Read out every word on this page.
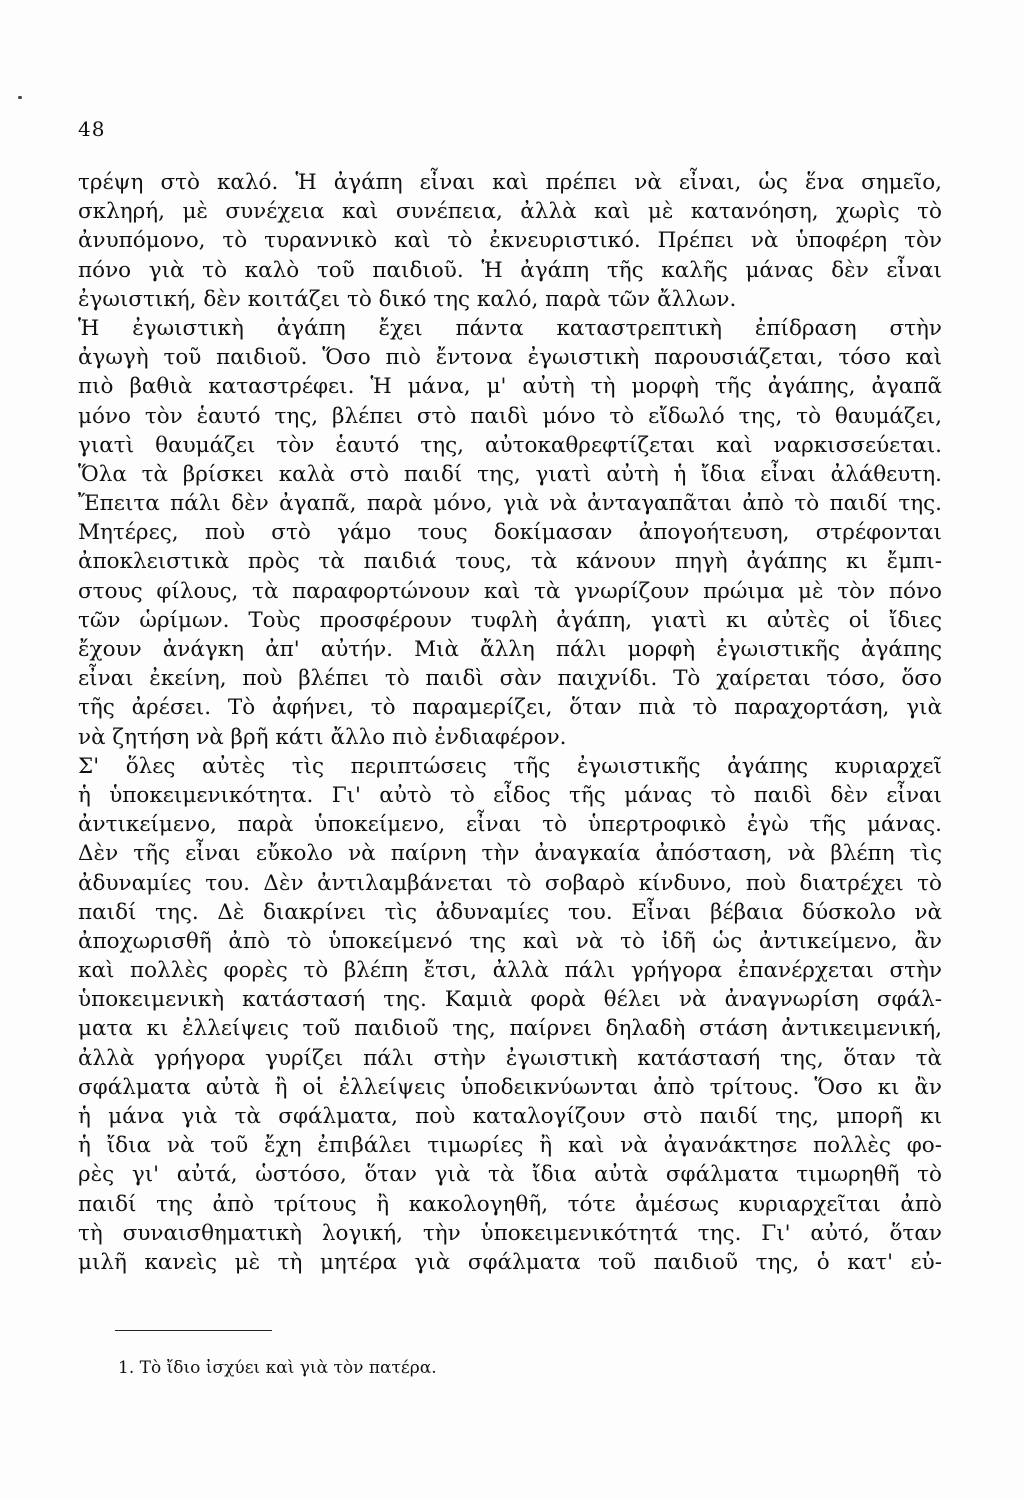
48
τρέψη στὸ καλό. Ἡ ἀγάπη εἶναι καὶ πρέπει νὰ εἶναι, ὡς ἕνα σημεῖο,
σκληρή, μὲ συνέχεια καὶ συνέπεια, ἀλλὰ καὶ μὲ κατανόηση, χωρὶς τὸ
ἀνυπόμονο, τὸ τυραννικὸ καὶ τὸ ἐκνευριστικό. Πρέπει νὰ ὑποφέρη τὸν
πόνο γιὰ τὸ καλὸ τοῦ παιδιοῦ. Ἡ ἀγάπη τῆς καλῆς μάνας δὲν εἶναι
ἐγωιστική, δὲν κοιτάζει τὸ δικό της καλό, παρὰ τῶν ἄλλων.
Ἡ ἐγωιστικὴ ἀγάπη ἔχει πάντα καταστρεπτικὴ ἐπίδραση στὴν
ἀγωγὴ τοῦ παιδιοῦ. Ὅσο πιὸ ἔντονα ἐγωιστικὴ παρουσιάζεται, τόσο καὶ
πιὸ βαθιὰ καταστρέφει. Ἡ μάνα, μ' αὐτὴ τὴ μορφὴ τῆς ἀγάπης, ἀγαπᾶ
μόνο τὸν ἑαυτό της, βλέπει στὸ παιδὶ μόνο τὸ εἴδωλό της, τὸ θαυμάζει,
γιατὶ θαυμάζει τὸν ἑαυτό της, αὐτοκαθρεφτίζεται καὶ ναρκισσεύεται.
Ὅλα τὰ βρίσκει καλὰ στὸ παιδί της, γιατὶ αὐτὴ ἡ ἴδια εἶναι ἀλάθευτη.
Ἔπειτα πάλι δὲν ἀγαπᾶ, παρὰ μόνο, γιὰ νὰ ἀνταγαπᾶται ἀπὸ τὸ παιδί της.
Μητέρες, ποὺ στὸ γάμο τους δοκίμασαν ἀπογοήτευση, στρέφονται
ἀποκλειστικὰ πρὸς τὰ παιδιά τους, τὰ κάνουν πηγὴ ἀγάπης κι ἔμπι-
στους φίλους, τὰ παραφορτώνουν καὶ τὰ γνωρίζουν πρώιμα μὲ τὸν πόνο
τῶν ὡρίμων. Τοὺς προσφέρουν τυφλὴ ἀγάπη, γιατὶ κι αὐτὲς οἱ ἴδιες
ἔχουν ἀνάγκη ἀπ' αὐτήν. Μιὰ ἄλλη πάλι μορφὴ ἐγωιστικῆς ἀγάπης
εἶναι ἐκείνη, ποὺ βλέπει τὸ παιδὶ σὰν παιχνίδι. Τὸ χαίρεται τόσο, ὅσο
τῆς ἀρέσει. Τὸ ἀφήνει, τὸ παραμερίζει, ὅταν πιὰ τὸ παραχορτάση, γιὰ
νὰ ζητήση νὰ βρῆ κάτι ἄλλο πιὸ ἐνδιαφέρον.
Σ' ὅλες αὐτὲς τὶς περιπτώσεις τῆς ἐγωιστικῆς ἀγάπης κυριαρχεῖ
ἡ ὑποκειμενικότητα. Γι' αὐτὸ τὸ εἶδος τῆς μάνας τὸ παιδὶ δὲν εἶναι
ἀντικείμενο, παρὰ ὑποκείμενο, εἶναι τὸ ὑπερτροφικὸ ἐγὼ τῆς μάνας.
Δὲν τῆς εἶναι εὔκολο νὰ παίρνη τὴν ἀναγκαία ἀπόσταση, νὰ βλέπη τὶς
ἀδυναμίες του. Δὲν ἀντιλαμβάνεται τὸ σοβαρὸ κίνδυνο, ποὺ διατρέχει τὸ
παιδί της. Δὲ διακρίνει τὶς ἀδυναμίες του. Εἶναι βέβαια δύσκολο νὰ
ἀποχωρισθῆ ἀπὸ τὸ ὑποκείμενό της καὶ νὰ τὸ ἰδῆ ὡς ἀντικείμενο, ἂν
καὶ πολλὲς φορὲς τὸ βλέπη ἔτσι, ἀλλὰ πάλι γρήγορα ἐπανέρχεται στὴν
ὑποκειμενικὴ κατάστασή της. Καμιὰ φορὰ θέλει νὰ ἀναγνωρίση σφάλ-
ματα κι ἐλλείψεις τοῦ παιδιοῦ της, παίρνει δηλαδὴ στάση ἀντικειμενική,
ἀλλὰ γρήγορα γυρίζει πάλι στὴν ἐγωιστικὴ κατάστασή της, ὅταν τὰ
σφάλματα αὐτὰ ἢ οἱ ἐλλείψεις ὑποδεικνύωνται ἀπὸ τρίτους. Ὅσο κι ἂν
ἡ μάνα γιὰ τὰ σφάλματα, ποὺ καταλογίζουν στὸ παιδί της, μπορῆ κι
ἡ ἴδια νὰ τοῦ ἔχη ἐπιβάλει τιμωρίες ἢ καὶ νὰ ἀγανάκτησε πολλὲς φο-
ρὲς γι' αὐτά, ὡστόσο, ὅταν γιὰ τὰ ἴδια αὐτὰ σφάλματα τιμωρηθῆ τὸ
παιδί της ἀπὸ τρίτους ἢ κακολογηθῆ, τότε ἀμέσως κυριαρχεῖται ἀπὸ
τὴ συναισθηματικὴ λογική, τὴν ὑποκειμενικότητά της. Γι' αὐτό, ὅταν
μιλῆ κανεὶς μὲ τὴ μητέρα γιὰ σφάλματα τοῦ παιδιοῦ της, ὁ κατ' εὐ-
1. Τὸ ἴδιο ἰσχύει καὶ γιὰ τὸν πατέρα.
